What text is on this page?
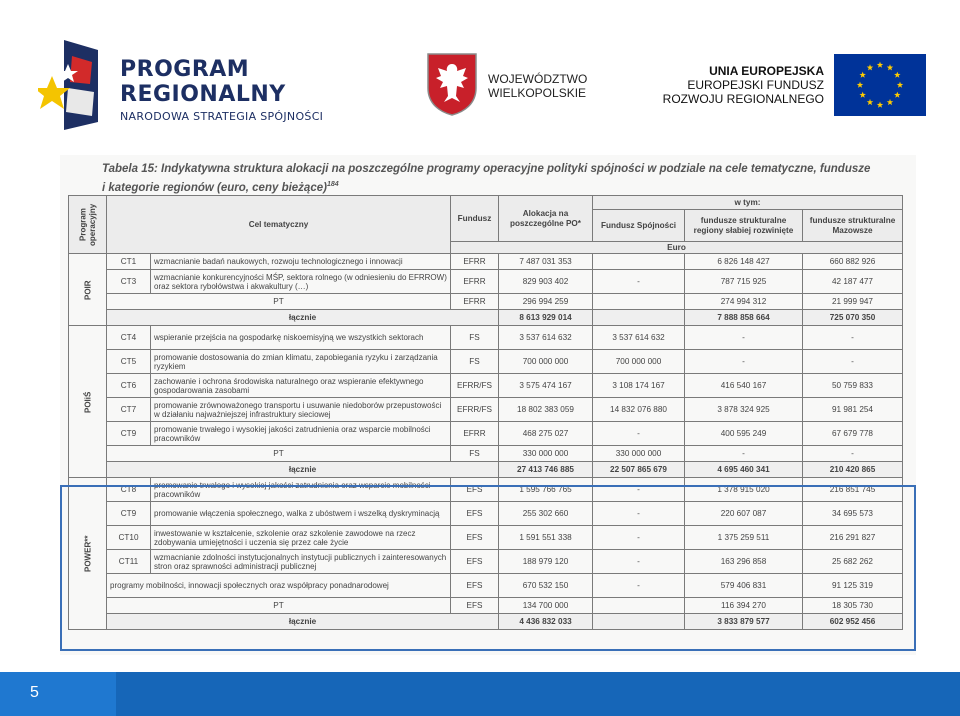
PROGRAM
REGIONALNY
NARODOWA STRATEGIA SPÓJNOŚCI
WOJEWÓDZTWO
WIELKOPOLSKIE
UNIA EUROPEJSKA
EUROPEJSKI FUNDUSZ
ROZWOJU REGIONALNEGO
Tabela 15: Indykatywna struktura alokacji na poszczególne programy operacyjne polityki spójności w podziale na cele tematyczne, fundusze
i kategorie regionów (euro, ceny bieżące)$^{184}$
Program operacyjny	Cel tematyczny		Fundusz	Alokacja na poszczególne PO*	w tym:		
					Fundusz Spójności	fundusze strukturalne regiony słabiej rozwinięte	fundusze strukturalne Mazowsze
			Euro				
POIR	CT1	wzmacnianie badań naukowych, rozwoju technologicznego i innowacji	EFRR	7 487 031 353		6 826 148 427	660 882 926
	CT3	wzmacnianie konkurencyjności MŚP, sektora rolnego (w odniesieniu do EFRROW) oraz sektora rybołówstwa i akwakultury (…)	EFRR	829 903 402	-	787 715 925	42 187 477
	PT		EFRR	296 994 259		274 994 312	21 999 947
	łącznie			8 613 929 014		7 888 858 664	725 070 350
POIiŚ	CT4	wspieranie przejścia na gospodarkę niskoemisyjną we wszystkich sektorach	FS	3 537 614 632	3 537 614 632	-	-
	CT5	promowanie dostosowania do zmian klimatu, zapobiegania ryzyku i zarządzania ryzykiem	FS	700 000 000	700 000 000	-	-
	CT6	zachowanie i ochrona środowiska naturalnego oraz wspieranie efektywnego gospodarowania zasobami	EFRR/FS	3 575 474 167	3 108 174 167	416 540 167	50 759 833
	CT7	promowanie zrównoważonego transportu i usuwanie niedoborów przepustowości w działaniu najważniejszej infrastruktury sieciowej	EFRR/FS	18 802 383 059	14 832 076 880	3 878 324 925	91 981 254
	CT9	promowanie trwałego i wysokiej jakości zatrudnienia oraz wsparcie mobilności pracowników	EFRR	468 275 027	-	400 595 249	67 679 778
	PT		FS	330 000 000	330 000 000	-	-
	łącznie			27 413 746 885	22 507 865 679	4 695 460 341	210 420 865
POWER**	CT8	promowanie trwałego i wysokiej jakości zatrudnienia oraz wsparcie mobilności pracowników	EFS	1 595 766 765	-	1 378 915 020	216 851 745
	CT9	promowanie włączenia społecznego, walka z ubóstwem i wszelką dyskryminacją	EFS	255 302 660	-	220 607 087	34 695 573
	CT10	inwestowanie w kształcenie, szkolenie oraz szkolenie zawodowe na rzecz zdobywania umiejętności i uczenia się przez całe życie	EFS	1 591 551 338	-	1 375 259 511	216 291 827
	CT11	wzmacnianie zdolności instytucjonalnych instytucji publicznych i zainteresowanych stron oraz sprawności administracji publicznej	EFS	188 979 120	-	163 296 858	25 682 262
	programy mobilności, innowacji społecznych oraz współpracy ponadnarodowej		EFS	670 532 150	-	579 406 831	91 125 319
	PT		EFS	134 700 000		116 394 270	18 305 730
	łącznie			4 436 832 033		3 833 879 577	602 952 456
5
